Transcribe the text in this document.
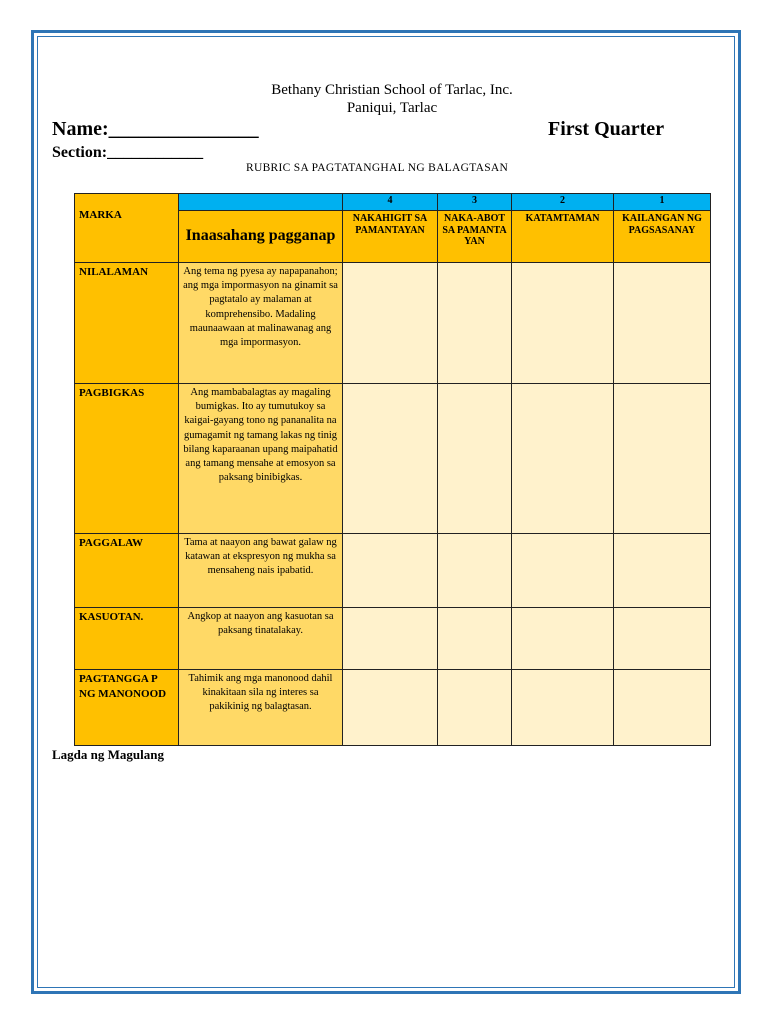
Bethany Christian School of Tarlac, Inc.
Paniqui, Tarlac
Name:_______________	First Quarter
Section:____________
RUBRIC SA PAGTATANGHAL NG BALAGTASAN
MARKA		4	3	2	1
	Inaasahang pagganap	NAKAHIGIT SA PAMANTAYAN	NAKA-ABOT SA PAMANTA YAN	KATAMTAMAN	KAILANGAN NG PAGSASANAY
NILALAMAN	Ang tema ng pyesa ay napapanahon; ang mga impormasyon na ginamit sa pagtatalo ay malaman at komprehensibo. Madaling maunaawaan at malinawanag ang mga impormasyon.				
PAGBIGKAS	Ang mambabalagtas ay magaling bumigkas. Ito ay tumutukoy sa kaigai-gayang tono ng pananalita na gumagamit ng tamang lakas ng tinig bilang kaparaanan upang maipahatid ang tamang mensahe at emosyon sa paksang binibigkas.				
PAGGALAW	Tama at naayon ang bawat galaw ng katawan at ekspresyon ng mukha sa mensaheng nais ipabatid.				
KASUOTAN.	Angkop at naayon ang kasuotan sa paksang tinatalakay.				
PAGTANGGA P NG MANONOOD	Tahimik ang mga manonood dahil kinakitaan sila ng interes sa pakikinig ng balagtasan.				
Lagda ng Magulang
